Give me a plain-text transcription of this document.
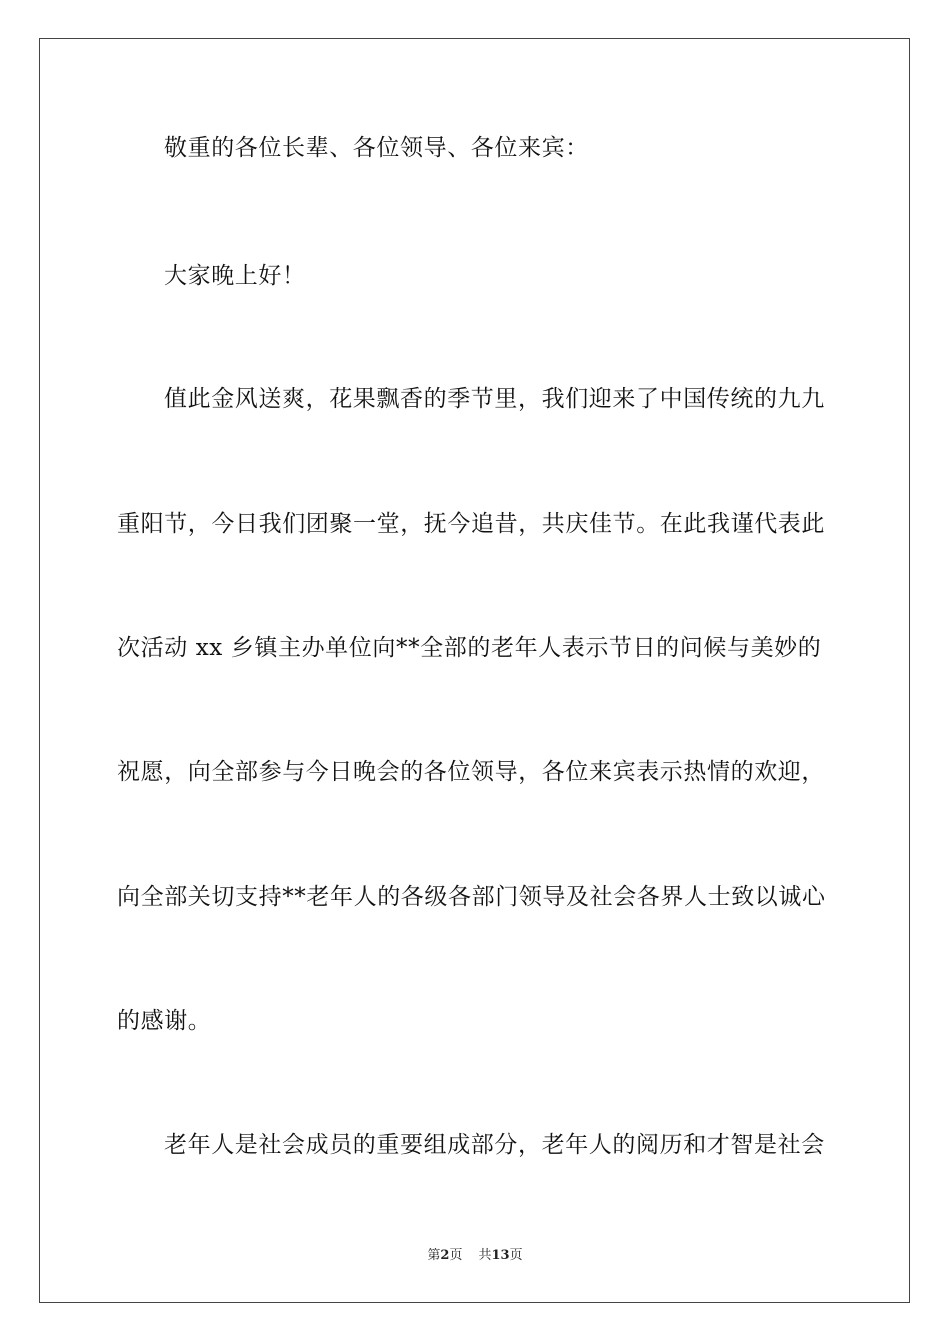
敬重的各位长辈、各位领导、各位来宾：
大家晚上好！
值此金风送爽，花果飘香的季节里，我们迎来了中国传统的九九
重阳节，今日我们团聚一堂，抚今追昔，共庆佳节。在此我谨代表此
次活动 xx 乡镇主办单位向**全部的老年人表示节日的问候与美妙的
祝愿，向全部参与今日晚会的各位领导，各位来宾表示热情的欢迎，
向全部关切支持**老年人的各级各部门领导及社会各界人士致以诚心
的感谢。
老年人是社会成员的重要组成部分，老年人的阅历和才智是社会
第2页 共13页
